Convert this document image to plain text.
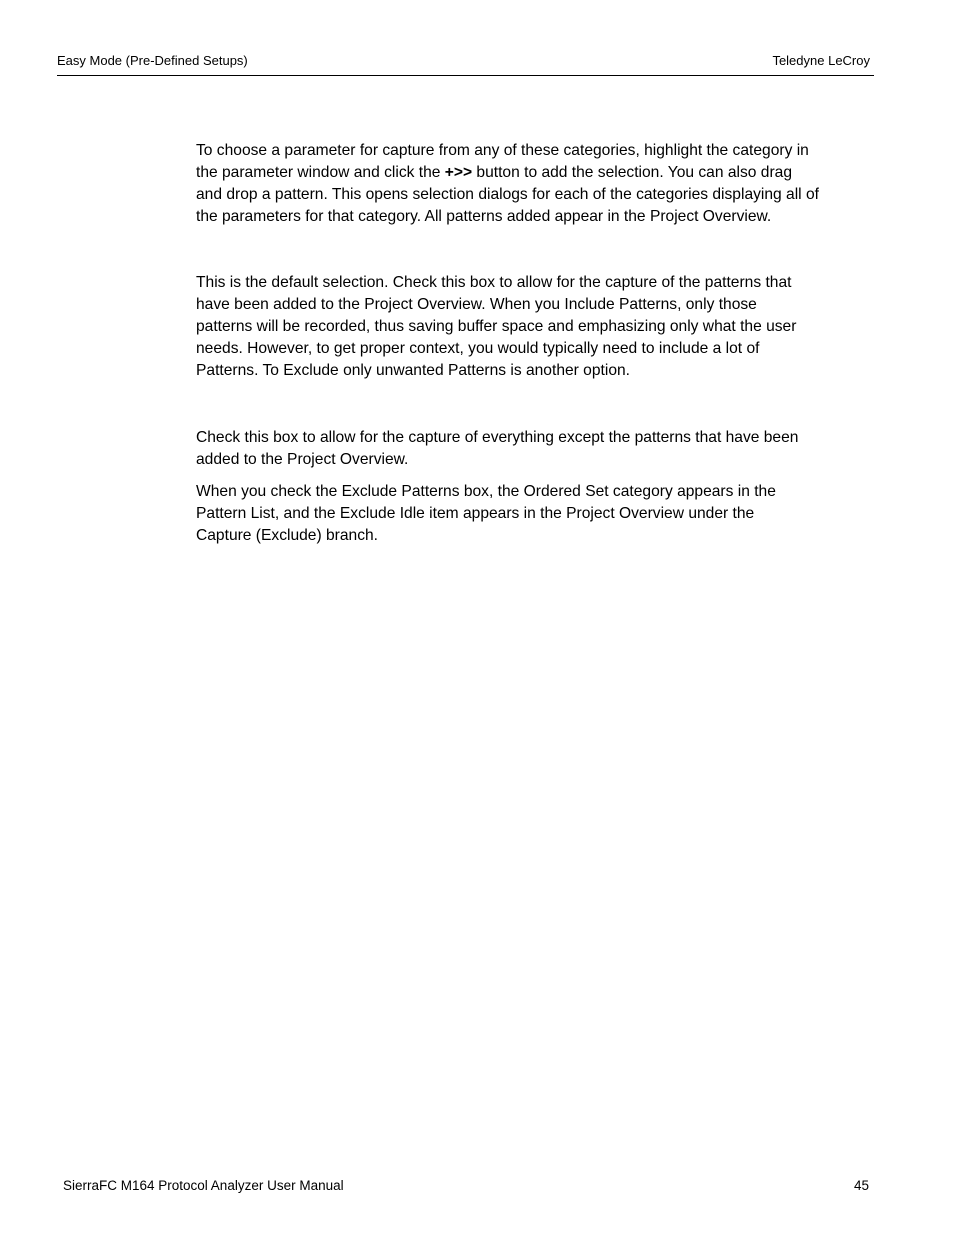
Easy Mode (Pre-Defined Setups)	Teledyne LeCroy

To choose a parameter for capture from any of these categories, highlight the category in
the parameter window and click the +>> button to add the selection. You can also drag
and drop a pattern. This opens selection dialogs for each of the categories displaying all of
the parameters for that category. All patterns added appear in the Project Overview.

This is the default selection. Check this box to allow for the capture of the patterns that
have been added to the Project Overview. When you Include Patterns, only those
patterns will be recorded, thus saving buffer space and emphasizing only what the user
needs. However, to get proper context, you would typically need to include a lot of
Patterns. To Exclude only unwanted Patterns is another option.

Check this box to allow for the capture of everything except the patterns that have been
added to the Project Overview.

When you check the Exclude Patterns box, the Ordered Set category appears in the
Pattern List, and the Exclude Idle item appears in the Project Overview under the
Capture (Exclude) branch.

SierraFC M164 Protocol Analyzer User Manual	45
